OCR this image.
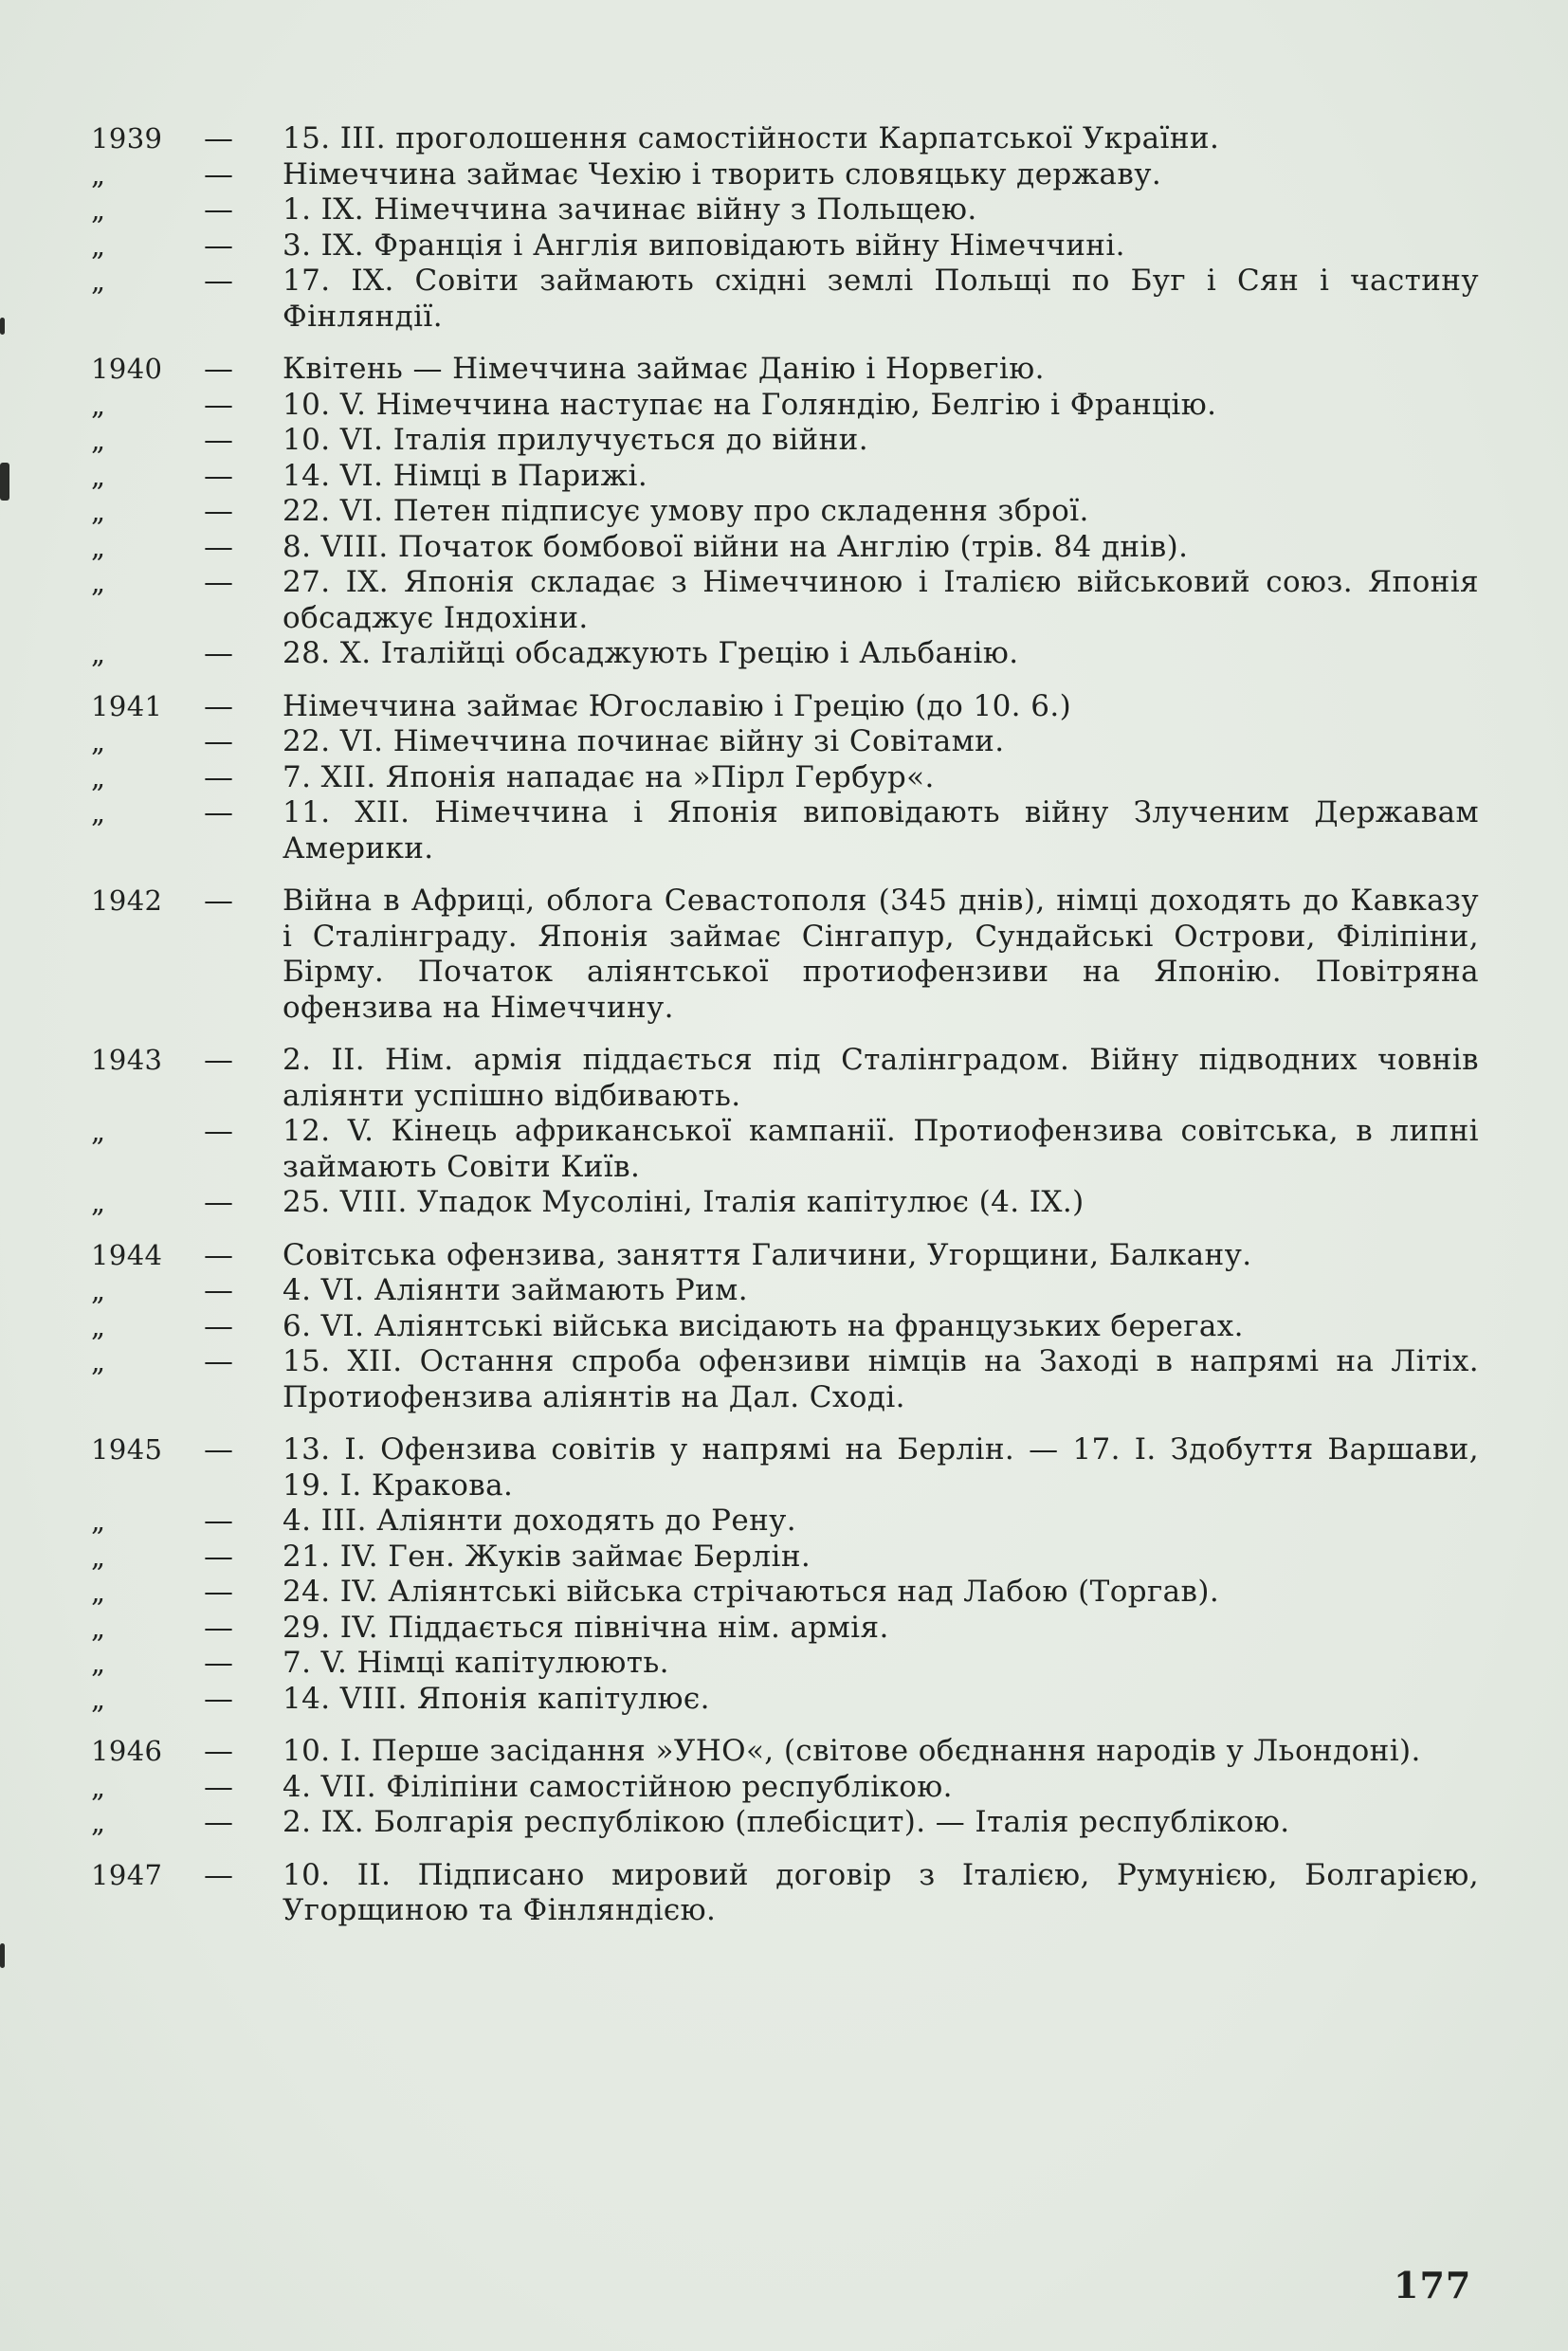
1939	— 15. III. проголошення самостійности Карпатської України.
„	— Німеччина займає Чехію і творить словяцьку державу.
„	— 1. IX. Німеччина зачинає війну з Польщею.
„	— 3. IX. Франція і Англія виповідають війну Німеччині.
„	— 17. IX. Совіти займають східні землі Польщі по Буг і Сян і частину Фінляндії.
1940	— Квітень — Німеччина займає Данію і Норвегію.
„	— 10. V. Німеччина наступає на Голяндію, Белгію і Францію.
„	— 10. VI. Італія прилучується до війни.
„	— 14. VI. Німці в Парижі.
„	— 22. VI. Петен підписує умову про складення зброї.
„	— 8. VIII. Початок бомбової війни на Англію (трів. 84 днів).
„	— 27. IX. Японія складає з Німеччиною і Італією військовий союз. Японія обсаджує Індохіни.
„	— 28. X. Італійці обсаджують Грецію і Альбанію.
1941	— Німеччина займає Югославію і Грецію (до 10. 6.)
„	— 22. VI. Німеччина починає війну зі Совітами.
„	— 7. XII. Японія нападає на »Пірл Гербур«.
„	— 11. XII. Німеччина і Японія виповідають війну Злученим Державам Америки.
1942	— Війна в Африці, облога Севастополя (345 днів), німці доходять до Кавказу і Сталінграду. Японія займає Сінгапур, Сундайські Острови, Філіпіни, Бірму. Початок аліянтської протиофензиви на Японію. Повітряна офензива на Німеччину.
1943	— 2. II. Нім. армія піддається під Сталінградом. Війну підводних човнів аліянти успішно відбивають.
„	— 12. V. Кінець африканської кампанії. Протиофензива совітська, в липні займають Совіти Київ.
„	— 25. VIII. Упадок Мусоліні, Італія капітулює (4. IX.)
1944	— Совітська офензива, заняття Галичини, Угорщини, Балкану.
„	— 4. VI. Аліянти займають Рим.
„	— 6. VI. Аліянтські війська висідають на французьких берегах.
„	— 15. XII. Остання спроба офензиви німців на Заході в напрямі на Літіх. Протиофензива аліянтів на Дал. Сході.
1945	— 13. I. Офензива совітів у напрямі на Берлін. — 17. I. Здобуття Варшави, 19. I. Кракова.
„	— 4. III. Аліянти доходять до Рену.
„	— 21. IV. Ген. Жуків займає Берлін.
„	— 24. IV. Аліянтські війська стрічаються над Лабою (Торгав).
„	— 29. IV. Піддається північна нім. армія.
„	— 7. V. Німці капітулюють.
„	— 14. VIII. Японія капітулює.
1946	— 10. I. Перше засідання »УНО«, (світове обєднання народів у Льондоні).
„	— 4. VII. Філіпіни самостійною республікою.
„	— 2. IX. Болгарія республікою (плебісцит). — Італія республікою.
1947	— 10. II. Підписано мировий договір з Італією, Румунією, Болгарією, Угорщиною та Фінляндією.
177
